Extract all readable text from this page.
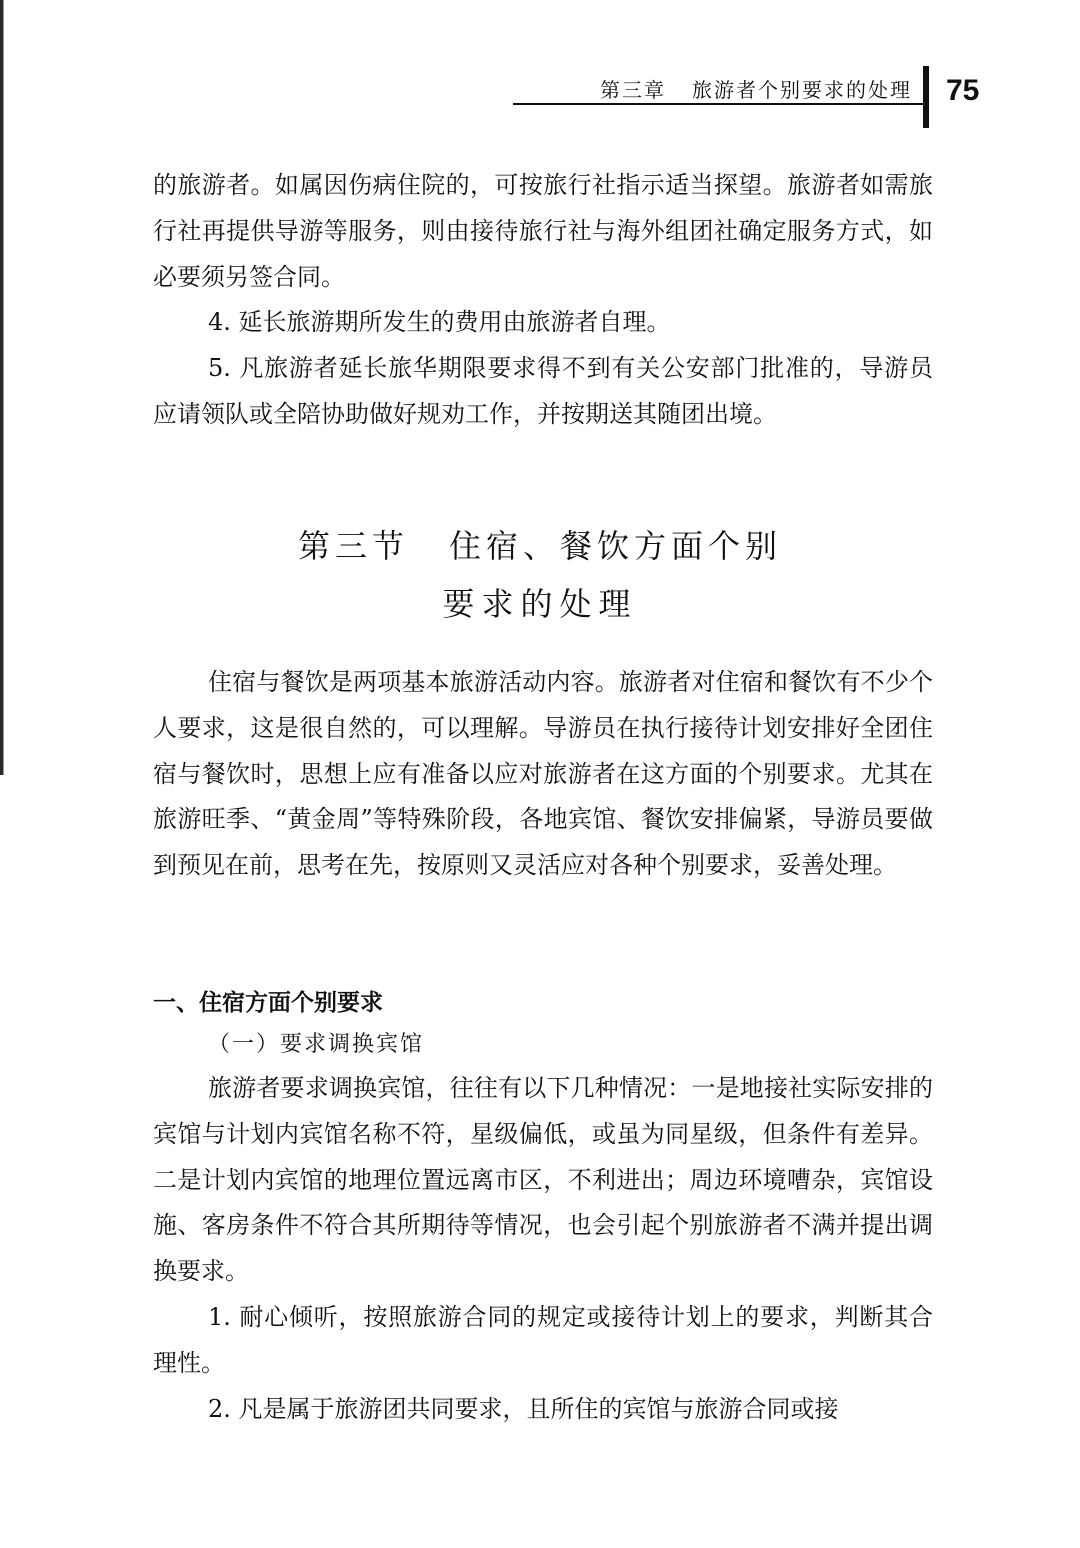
第三章 旅游者个别要求的处理 75

的旅游者。如属因伤病住院的，可按旅行社指示适当探望。旅游者如需旅行社再提供导游等服务，则由接待旅行社与海外组团社确定服务方式，如必要须另签合同。

4. 延长旅游期所发生的费用由旅游者自理。

5. 凡旅游者延长旅华期限要求得不到有关公安部门批准的，导游员应请领队或全陪协助做好规劝工作，并按期送其随团出境。

第三节 住宿、餐饮方面个别
要求的处理

住宿与餐饮是两项基本旅游活动内容。旅游者对住宿和餐饮有不少个人要求，这是很自然的，可以理解。导游员在执行接待计划安排好全团住宿与餐饮时，思想上应有准备以应对旅游者在这方面的个别要求。尤其在旅游旺季、“黄金周”等特殊阶段，各地宾馆、餐饮安排偏紧，导游员要做到预见在前，思考在先，按原则又灵活应对各种个别要求，妥善处理。

一、住宿方面个别要求
（一）要求调换宾馆

旅游者要求调换宾馆，往往有以下几种情况：一是地接社实际安排的宾馆与计划内宾馆名称不符，星级偏低，或虽为同星级，但条件有差异。二是计划内宾馆的地理位置远离市区，不利进出；周边环境嘈杂，宾馆设施、客房条件不符合其所期待等情况，也会引起个别旅游者不满并提出调换要求。

1. 耐心倾听，按照旅游合同的规定或接待计划上的要求，判断其合理性。

2. 凡是属于旅游团共同要求，且所住的宾馆与旅游合同或接
